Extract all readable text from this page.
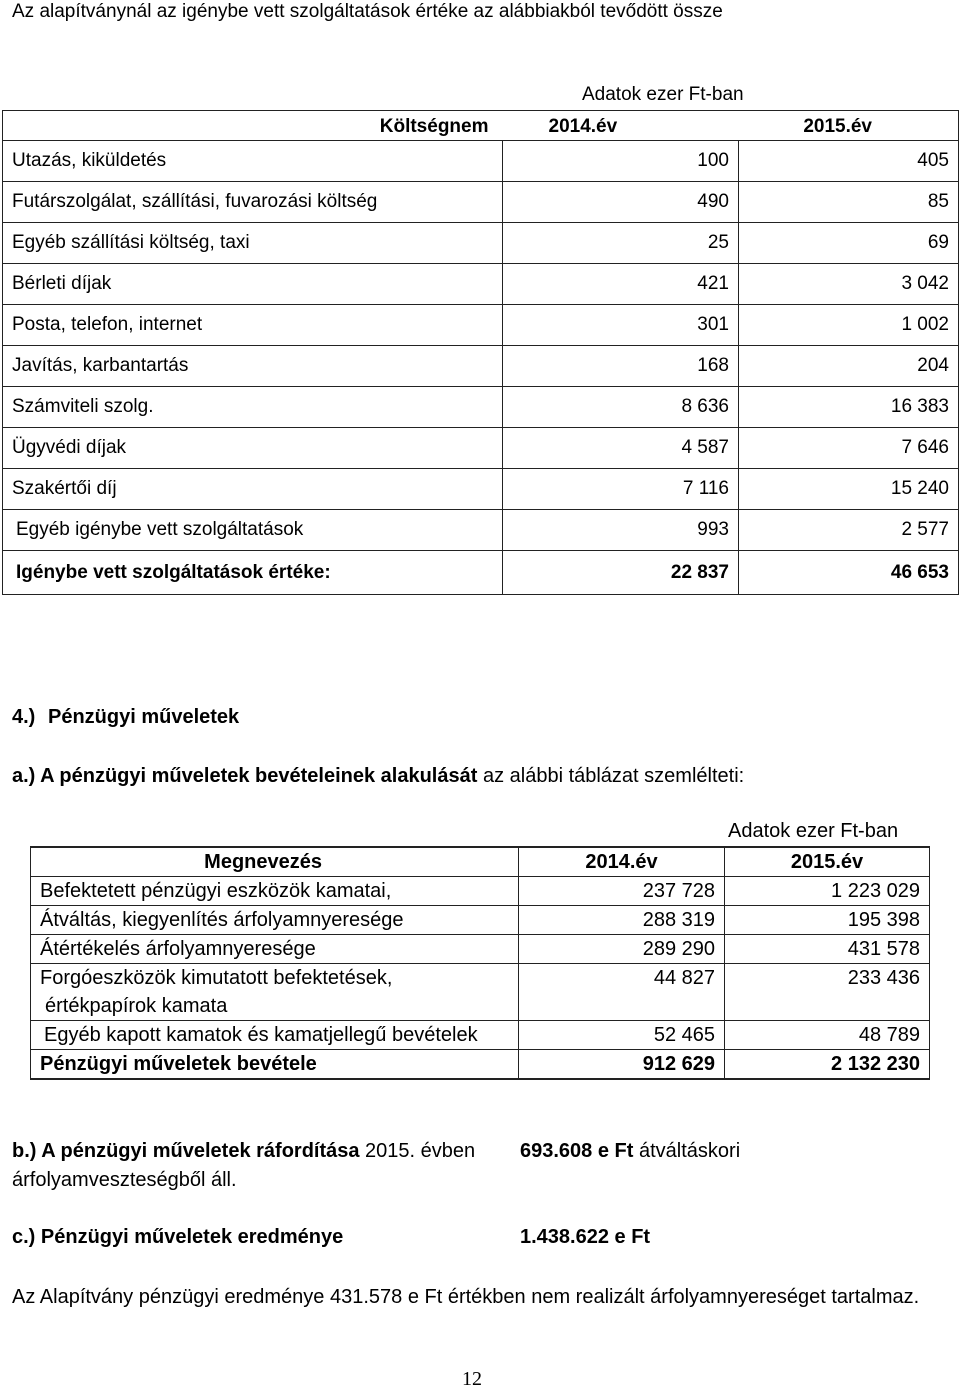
Az alapítványnál az igénybe vett szolgáltatások értéke az alábbiakból tevődött össze
Adatok ezer Ft-ban
Költségnem	2014.év	2015.év
Utazás, kiküldetés	100	405
Futárszolgálat, szállítási, fuvarozási költség	490	85
Egyéb szállítási költség, taxi	25	69
Bérleti díjak	421	3 042
Posta, telefon, internet	301	1 002
Javítás, karbantartás	168	204
Számviteli szolg.	8 636	16 383
Ügyvédi díjak	4 587	7 646
Szakértői díj	7 116	15 240
Egyéb igénybe vett szolgáltatások	993	2 577
Igénybe vett szolgáltatások értéke:	22 837	46 653
4.) Pénzügyi műveletek
a.) A pénzügyi műveletek bevételeinek alakulását az alábbi táblázat szemlélteti:
Adatok ezer Ft-ban
Megnevezés	2014.év	2015.év
Befektetett pénzügyi eszközök kamatai,	237 728	1 223 029
Átváltás, kiegyenlítés árfolyamnyeresége	288 319	195 398
Átértékelés árfolyamnyeresége	289 290	431 578
Forgóeszközök kimutatott befektetések,
értékpapírok kamata	44 827	233 436
Egyéb kapott kamatok és kamatjellegű bevételek	52 465	48 789
Pénzügyi műveletek bevétele	912 629	2 132 230
b.) A pénzügyi műveletek ráfordítása 2015. évben 693.608 e Ft átváltáskori
árfolyamveszteségből áll.
c.) Pénzügyi műveletek eredménye	1.438.622 e Ft
Az Alapítvány pénzügyi eredménye 431.578 e Ft értékben nem realizált árfolyamnyereséget tartalmaz.
12
